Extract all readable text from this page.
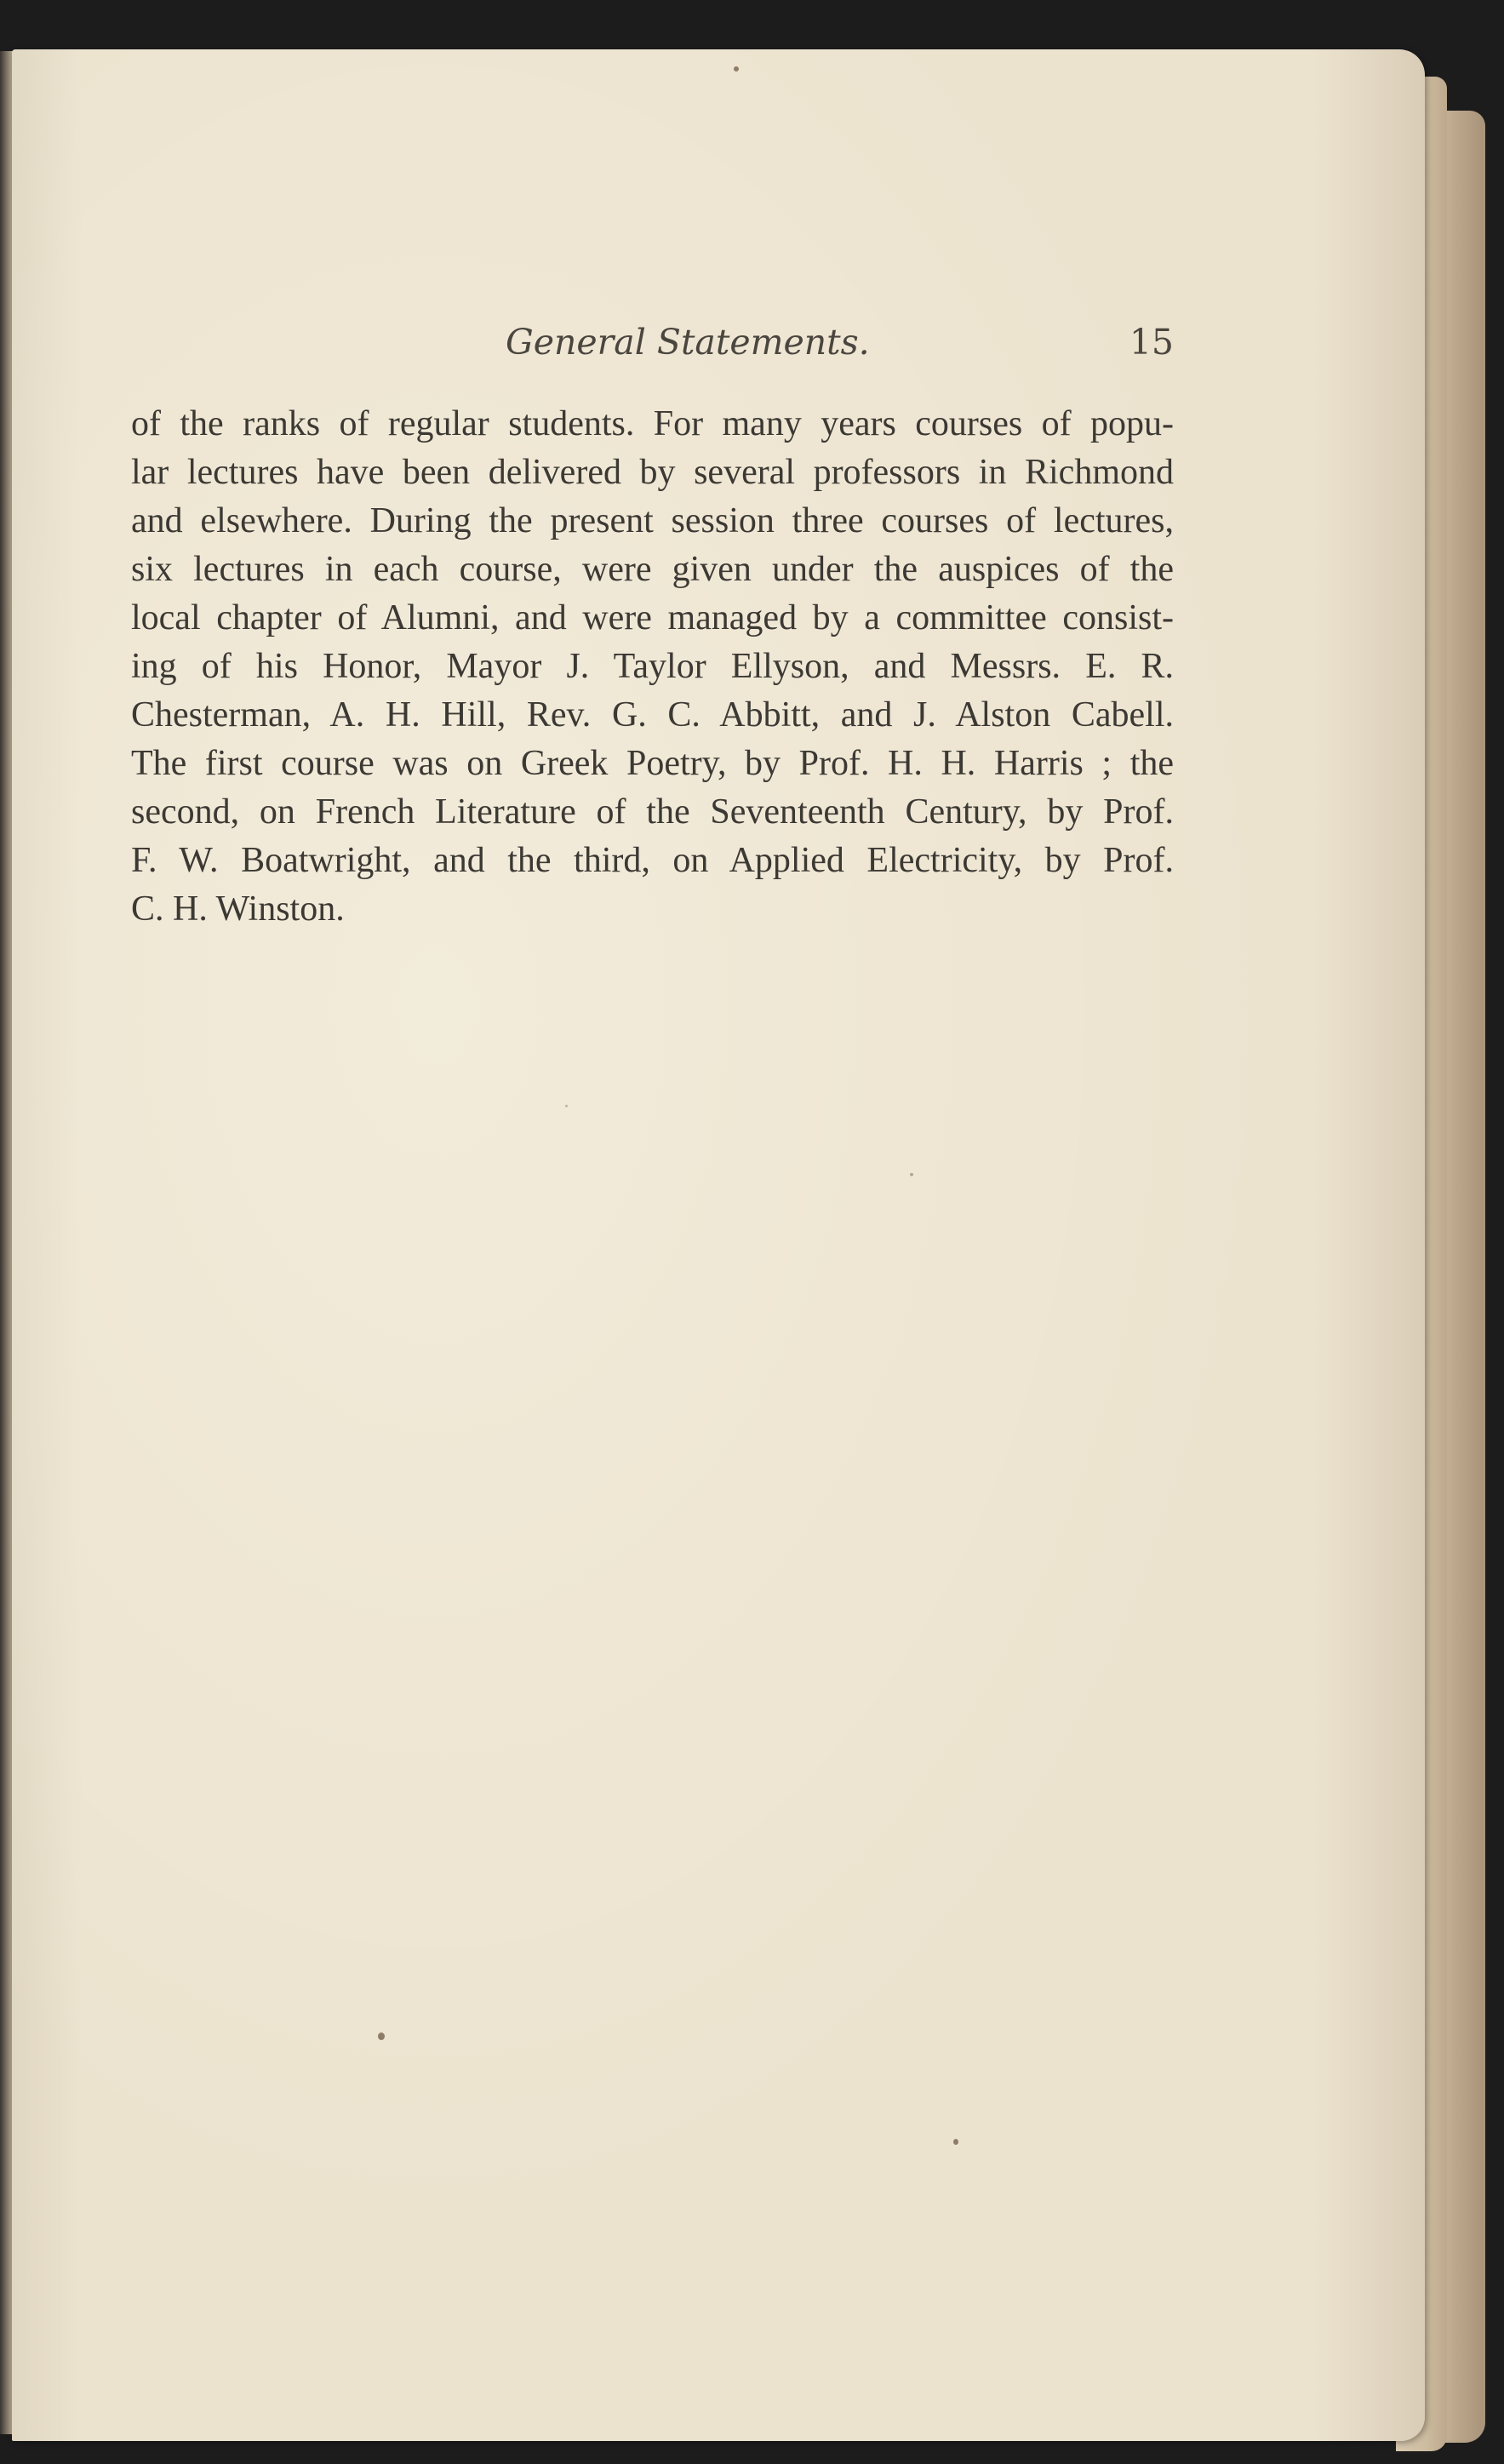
General Statements.	15
of the ranks of regular students. For many years courses of popu-
lar lectures have been delivered by several professors in Richmond
and elsewhere. During the present session three courses of lectures,
six lectures in each course, were given under the auspices of the
local chapter of Alumni, and were managed by a committee consist-
ing of his Honor, Mayor J. Taylor Ellyson, and Messrs. E. R.
Chesterman, A. H. Hill, Rev. G. C. Abbitt, and J. Alston Cabell.
The first course was on Greek Poetry, by Prof. H. H. Harris ; the
second, on French Literature of the Seventeenth Century, by Prof.
F. W. Boatwright, and the third, on Applied Electricity, by Prof.
C. H. Winston.
